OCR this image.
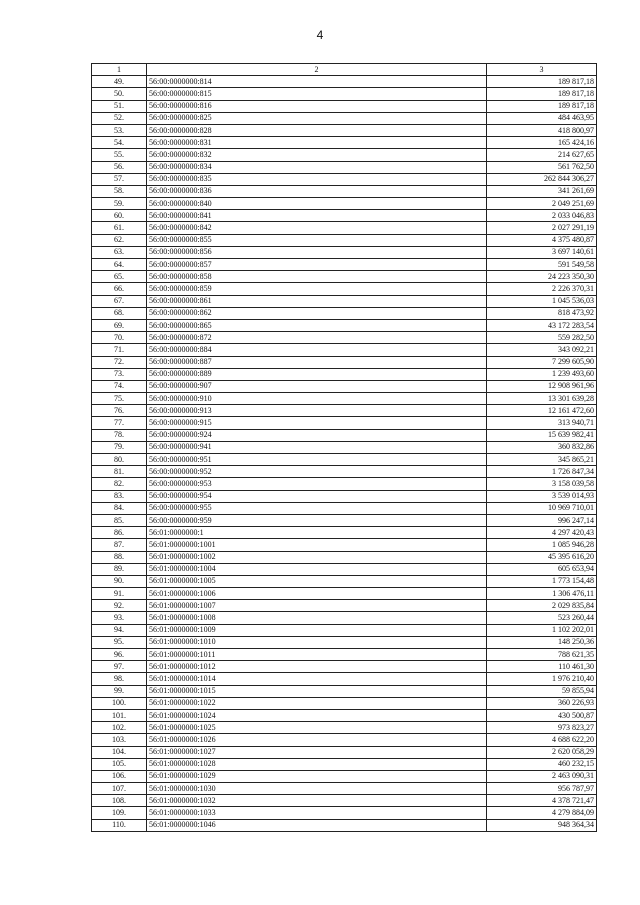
4
1	2	3
49.	56:00:0000000:814	189 817,18
50.	56:00:0000000:815	189 817,18
51.	56:00:0000000:816	189 817,18
52.	56:00:0000000:825	484 463,95
53.	56:00:0000000:828	418 800,97
54.	56:00:0000000:831	165 424,16
55.	56:00:0000000:832	214 627,65
56.	56:00:0000000:834	561 762,50
57.	56:00:0000000:835	262 844 306,27
58.	56:00:0000000:836	341 261,69
59.	56:00:0000000:840	2 049 251,69
60.	56:00:0000000:841	2 033 046,83
61.	56:00:0000000:842	2 027 291,19
62.	56:00:0000000:855	4 375 480,87
63.	56:00:0000000:856	3 697 140,61
64.	56:00:0000000:857	591 549,58
65.	56:00:0000000:858	24 223 350,30
66.	56:00:0000000:859	2 226 370,31
67.	56:00:0000000:861	1 045 536,03
68.	56:00:0000000:862	818 473,92
69.	56:00:0000000:865	43 172 283,54
70.	56:00:0000000:872	559 282,50
71.	56:00:0000000:884	343 092,21
72.	56:00:0000000:887	7 299 605,90
73.	56:00:0000000:889	1 239 493,60
74.	56:00:0000000:907	12 908 961,96
75.	56:00:0000000:910	13 301 639,28
76.	56:00:0000000:913	12 161 472,60
77.	56:00:0000000:915	313 940,71
78.	56:00:0000000:924	15 639 982,41
79.	56:00:0000000:941	360 832,86
80.	56:00:0000000:951	345 865,21
81.	56:00:0000000:952	1 726 847,34
82.	56:00:0000000:953	3 158 039,58
83.	56:00:0000000:954	3 539 014,93
84.	56:00:0000000:955	10 969 710,01
85.	56:00:0000000:959	996 247,14
86.	56:01:0000000:1	4 297 420,43
87.	56:01:0000000:1001	1 085 946,28
88.	56:01:0000000:1002	45 395 616,20
89.	56:01:0000000:1004	605 653,94
90.	56:01:0000000:1005	1 773 154,48
91.	56:01:0000000:1006	1 306 476,11
92.	56:01:0000000:1007	2 029 835,84
93.	56:01:0000000:1008	523 260,44
94.	56:01:0000000:1009	1 102 202,01
95.	56:01:0000000:1010	148 250,36
96.	56:01:0000000:1011	788 621,35
97.	56:01:0000000:1012	110 461,30
98.	56:01:0000000:1014	1 976 210,40
99.	56:01:0000000:1015	59 855,94
100.	56:01:0000000:1022	360 226,93
101.	56:01:0000000:1024	430 500,87
102.	56:01:0000000:1025	973 823,27
103.	56:01:0000000:1026	4 688 622,20
104.	56:01:0000000:1027	2 620 058,29
105.	56:01:0000000:1028	460 232,15
106.	56:01:0000000:1029	2 463 090,31
107.	56:01:0000000:1030	956 787,97
108.	56:01:0000000:1032	4 378 721,47
109.	56:01:0000000:1033	4 279 884,09
110.	56:01:0000000:1046	948 364,34
